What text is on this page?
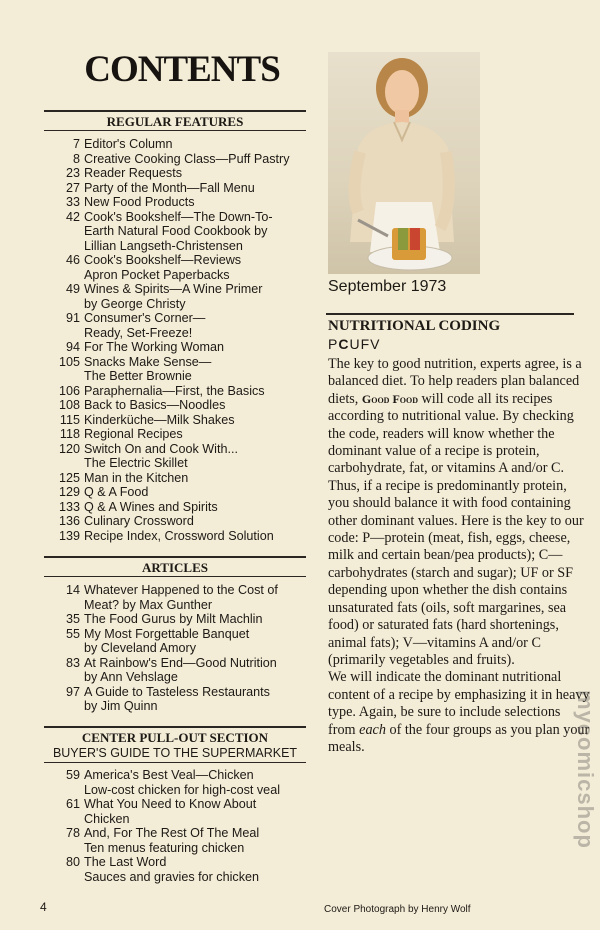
CONTENTS
REGULAR FEATURES
7 Editor's Column
8 Creative Cooking Class—Puff Pastry
23 Reader Requests
27 Party of the Month—Fall Menu
33 New Food Products
42 Cook's Bookshelf—The Down-To-
Earth Natural Food Cookbook by
Lillian Langseth-Christensen
46 Cook's Bookshelf—Reviews
Apron Pocket Paperbacks
49 Wines & Spirits—A Wine Primer
by George Christy
91 Consumer's Corner—
Ready, Set-Freeze!
94 For The Working Woman
105 Snacks Make Sense—
The Better Brownie
106 Paraphernalia—First, the Basics
108 Back to Basics—Noodles
115 Kinderküche—Milk Shakes
118 Regional Recipes
120 Switch On and Cook With...
The Electric Skillet
125 Man in the Kitchen
129 Q & A Food
133 Q & A Wines and Spirits
136 Culinary Crossword
139 Recipe Index, Crossword Solution
ARTICLES
14 Whatever Happened to the Cost of
Meat? by Max Gunther
35 The Food Gurus by Milt Machlin
55 My Most Forgettable Banquet
by Cleveland Amory
83 At Rainbow's End—Good Nutrition
by Ann Vehslage
97 A Guide to Tasteless Restaurants
by Jim Quinn
CENTER PULL-OUT SECTION
BUYER'S GUIDE TO THE SUPERMARKET
59 America's Best Veal—Chicken
Low-cost chicken for high-cost veal
61 What You Need to Know About
Chicken
78 And, For The Rest Of The Meal
Ten menus featuring chicken
80 The Last Word
Sauces and gravies for chicken
September 1973
NUTRITIONAL CODING
PCUFV

The key to good nutrition, experts agree, is a balanced diet. To help readers plan balanced diets, Good Food will code all its recipes according to nutritional value. By checking the code, readers will know whether the dominant value of a recipe is protein, carbohydrate, fat, or vitamins A and/or C. Thus, if a recipe is predominantly protein, you should balance it with food containing other dominant values. Here is the key to our code: P—protein (meat, fish, eggs, cheese, milk and certain bean/pea products); C—carbohydrates (starch and sugar); UF or SF depending upon whether the dish contains unsaturated fats (oils, soft margarines, sea food) or saturated fats (hard shortenings, animal fats); V—vitamins A and/or C (primarily vegetables and fruits).

We will indicate the dominant nutritional content of a recipe by emphasizing it in heavy type. Again, be sure to include selections from each of the four groups as you plan your meals.

4	Cover Photograph by Henry Wolf
mycomicshop
